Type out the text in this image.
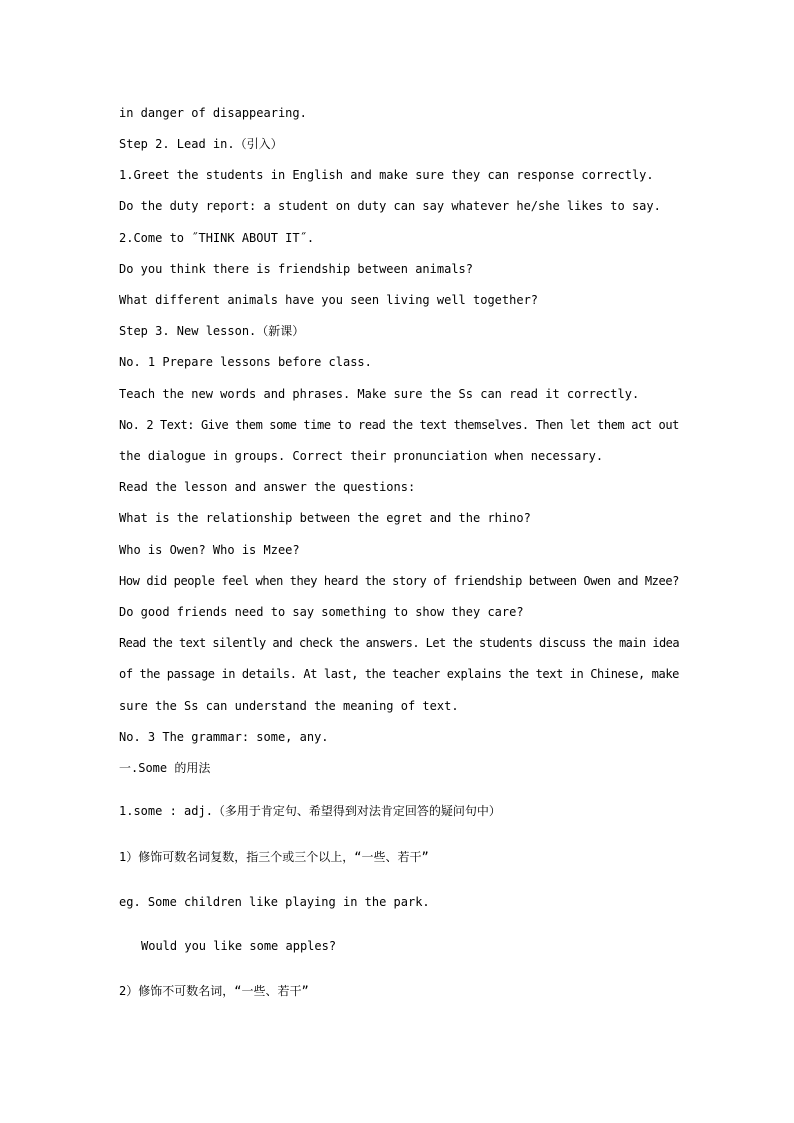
in danger of disappearing.
Step 2. Lead in.（引入）
1.Greet the students in English and make sure they can response correctly.
Do the duty report: a student on duty can say whatever he/she likes to say.
2.Come to ˝THINK ABOUT IT˝.
Do you think there is friendship between animals?
What different animals have you seen living well together?
Step 3. New lesson.（新课）
No. 1 Prepare lessons before class.
Teach the new words and phrases. Make sure the Ss can read it correctly.
No. 2 Text: Give them some time to read the text themselves. Then let them act out
the dialogue in groups. Correct their pronunciation when necessary.
Read the lesson and answer the questions:
What is the relationship between the egret and the rhino?
Who is Owen? Who is Mzee?
How did people feel when they heard the story of friendship between Owen and Mzee?
Do good friends need to say something to show they care?
Read the text silently and check the answers. Let the students discuss the main idea
of the passage in details. At last, the teacher explains the text in Chinese, make
sure the Ss can understand the meaning of text.
No. 3 The grammar: some, any.
一.Some 的用法
1.some : adj.（多用于肯定句、希望得到对法肯定回答的疑问句中）
1）修饰可数名词复数，指三个或三个以上，“一些、若干”
eg. Some children like playing in the park.
Would you like some apples?
2）修饰不可数名词，“一些、若干”
